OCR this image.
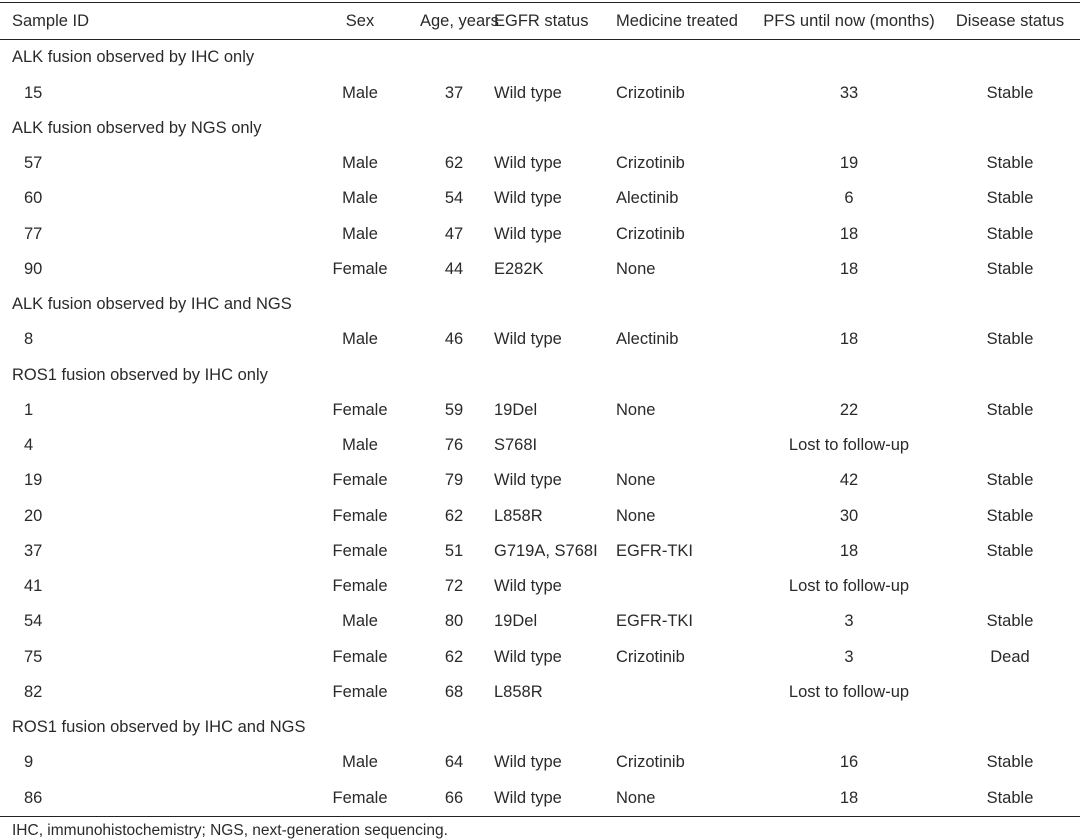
Sample ID	Sex	Age, years	EGFR status	Medicine treated	PFS until now (months)	Disease status
ALK fusion observed by IHC only						
15	Male	37	Wild type	Crizotinib	33	Stable
ALK fusion observed by NGS only						
57	Male	62	Wild type	Crizotinib	19	Stable
60	Male	54	Wild type	Alectinib	6	Stable
77	Male	47	Wild type	Crizotinib	18	Stable
90	Female	44	E282K	None	18	Stable
ALK fusion observed by IHC and NGS						
8	Male	46	Wild type	Alectinib	18	Stable
ROS1 fusion observed by IHC only						
1	Female	59	19Del	None	22	Stable
4	Male	76	S768I		Lost to follow-up	
19	Female	79	Wild type	None	42	Stable
20	Female	62	L858R	None	30	Stable
37	Female	51	G719A, S768I	EGFR-TKI	18	Stable
41	Female	72	Wild type		Lost to follow-up	
54	Male	80	19Del	EGFR-TKI	3	Stable
75	Female	62	Wild type	Crizotinib	3	Dead
82	Female	68	L858R		Lost to follow-up	
ROS1 fusion observed by IHC and NGS						
9	Male	64	Wild type	Crizotinib	16	Stable
86	Female	66	Wild type	None	18	Stable
IHC, immunohistochemistry; NGS, next-generation sequencing.
